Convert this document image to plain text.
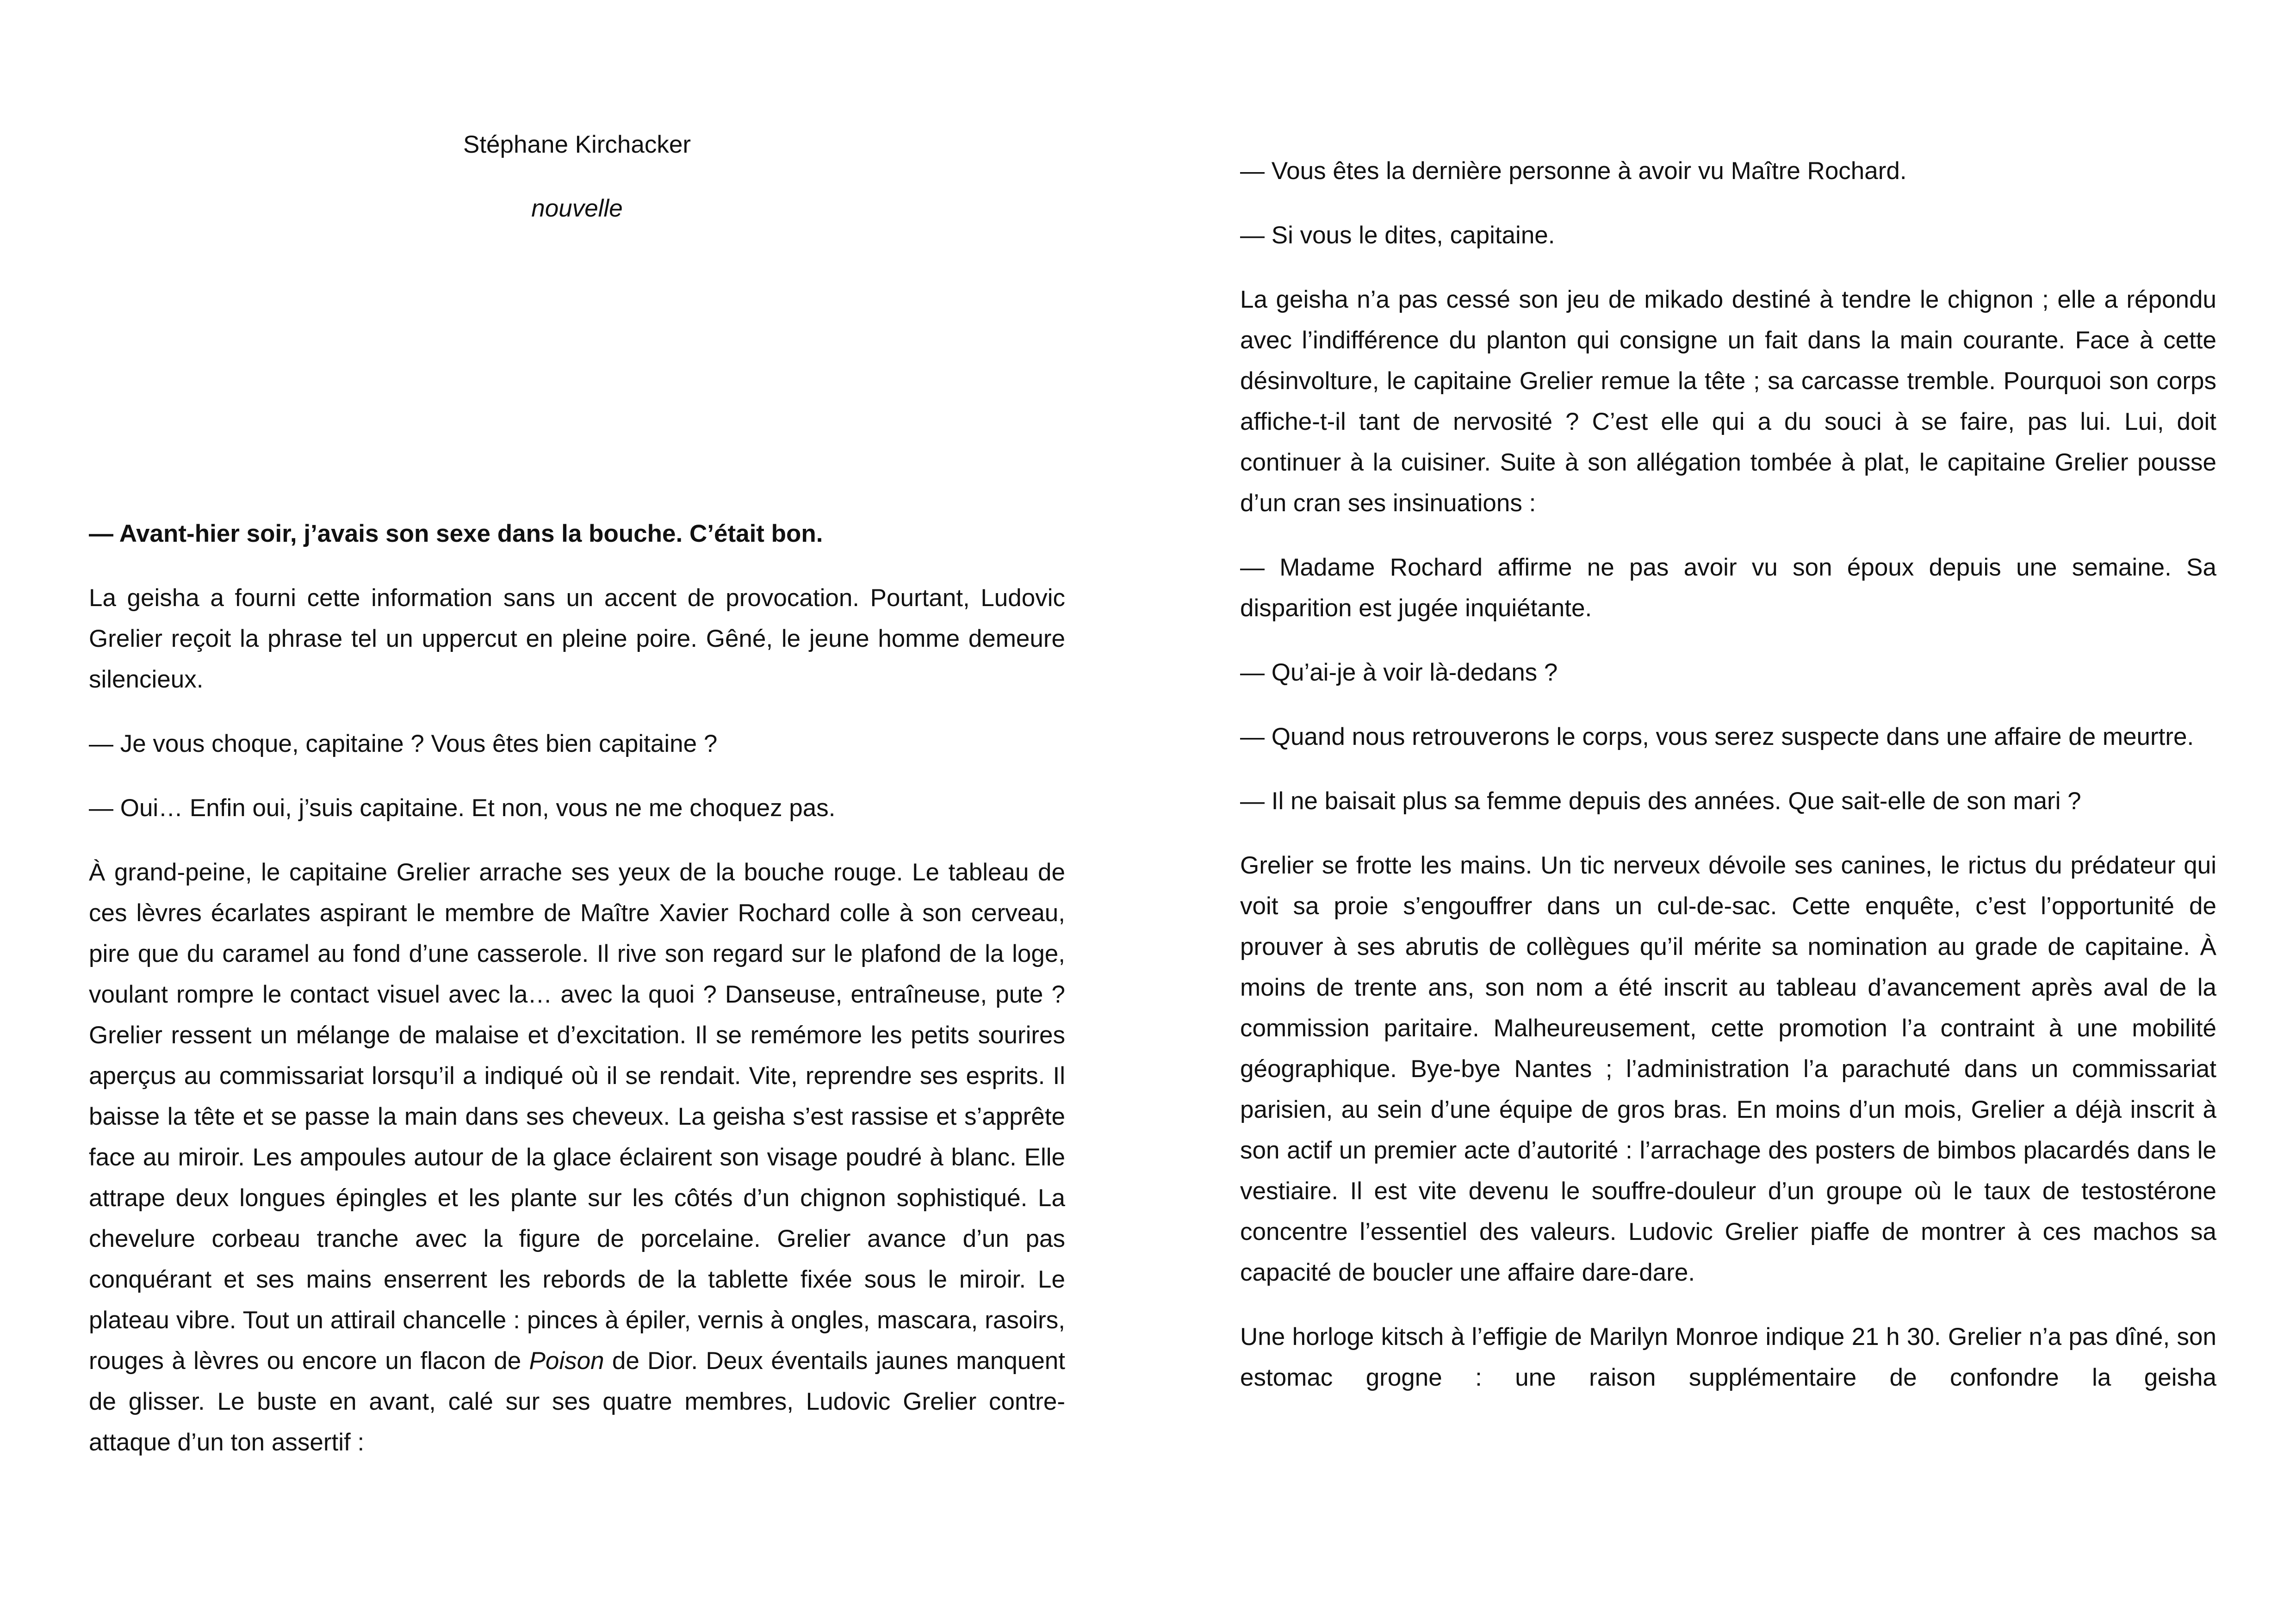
Stéphane Kirchacker
nouvelle

— Avant-hier soir, j’avais son sexe dans la bouche. C’était bon.

La geisha a fourni cette information sans un accent de provocation. Pourtant, Ludovic Grelier reçoit la phrase tel un uppercut en pleine poire. Gêné, le jeune homme demeure silencieux.

— Je vous choque, capitaine ? Vous êtes bien capitaine ?

— Oui… Enfin oui, j’suis capitaine. Et non, vous ne me choquez pas.

À grand-peine, le capitaine Grelier arrache ses yeux de la bouche rouge. Le tableau de ces lèvres écarlates aspirant le membre de Maître Xavier Rochard colle à son cerveau, pire que du caramel au fond d’une casserole. Il rive son regard sur le plafond de la loge, voulant rompre le contact visuel avec la… avec la quoi ? Danseuse, entraîneuse, pute ? Grelier ressent un mélange de malaise et d’excitation. Il se remémore les petits sourires aperçus au commissariat lorsqu’il a indiqué où il se rendait. Vite, reprendre ses esprits. Il baisse la tête et se passe la main dans ses cheveux. La geisha s’est rassise et s’apprête face au miroir. Les ampoules autour de la glace éclairent son visage poudré à blanc. Elle attrape deux longues épingles et les plante sur les côtés d’un chignon sophistiqué. La chevelure corbeau tranche avec la figure de porcelaine. Grelier avance d’un pas conquérant et ses mains enserrent les rebords de la tablette fixée sous le miroir. Le plateau vibre. Tout un attirail chancelle : pinces à épiler, vernis à ongles, mascara, rasoirs, rouges à lèvres ou encore un flacon de Poison de Dior. Deux éventails jaunes manquent de glisser. Le buste en avant, calé sur ses quatre membres, Ludovic Grelier contre-attaque d’un ton assertif :

— Vous êtes la dernière personne à avoir vu Maître Rochard.

— Si vous le dites, capitaine.

La geisha n’a pas cessé son jeu de mikado destiné à tendre le chignon ; elle a répondu avec l’indifférence du planton qui consigne un fait dans la main courante. Face à cette désinvolture, le capitaine Grelier remue la tête ; sa carcasse tremble. Pourquoi son corps affiche-t-il tant de nervosité ? C’est elle qui a du souci à se faire, pas lui. Lui, doit continuer à la cuisiner. Suite à son allégation tombée à plat, le capitaine Grelier pousse d’un cran ses insinuations :

— Madame Rochard affirme ne pas avoir vu son époux depuis une semaine. Sa disparition est jugée inquiétante.

— Qu’ai-je à voir là-dedans ?

— Quand nous retrouverons le corps, vous serez suspecte dans une affaire de meurtre.

— Il ne baisait plus sa femme depuis des années. Que sait-elle de son mari ?

Grelier se frotte les mains. Un tic nerveux dévoile ses canines, le rictus du prédateur qui voit sa proie s’engouffrer dans un cul-de-sac. Cette enquête, c’est l’opportunité de prouver à ses abrutis de collègues qu’il mérite sa nomination au grade de capitaine. À moins de trente ans, son nom a été inscrit au tableau d’avancement après aval de la commission paritaire. Malheureusement, cette promotion l’a contraint à une mobilité géographique. Bye-bye Nantes ; l’administration l’a parachuté dans un commissariat parisien, au sein d’une équipe de gros bras. En moins d’un mois, Grelier a déjà inscrit à son actif un premier acte d’autorité : l’arrachage des posters de bimbos placardés dans le vestiaire. Il est vite devenu le souffre-douleur d’un groupe où le taux de testostérone concentre l’essentiel des valeurs. Ludovic Grelier piaffe de montrer à ces machos sa capacité de boucler une affaire dare-dare.

Une horloge kitsch à l’effigie de Marilyn Monroe indique 21 h 30. Grelier n’a pas dîné, son estomac grogne : une raison supplémentaire de confondre la geisha
